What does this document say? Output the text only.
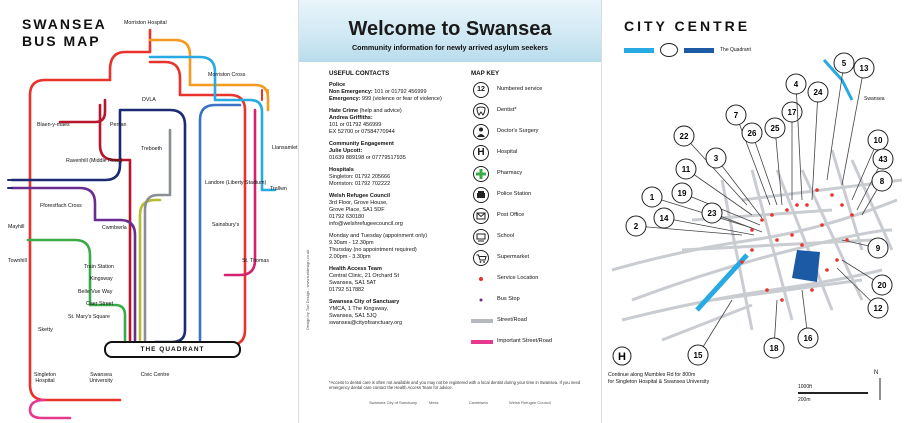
SWANSEA
BUS MAP
Morriston Hospital
Morriston Cross
DVLA
Penlan
Blaen-y-maes
Treboeth	Llansamlet
Ravenhill (Middle Road)
Landore (Liberty Stadium)
Trallwn
Fforestfach Cross
Sainsbury's
Mayhill	Cwmbwrla
Townhill	St. Thomas
Train Station
Kingsway
Belle Vue Way
Caer Street
St. Mary's Square
Sketty
THE QUADRANT
Singleton Hospital
Swansea University
Civic Centre
Welcome to Swansea
Community information for newly arrived asylum seekers
USEFUL CONTACTS	MAP KEY
Police
Non Emergency: 101 or 01792 456999
Emergency: 999 (violence or fear of violence)
Hate Crime (help and advice)
Andrea Griffiths:
101 or 01792 456999
EX 52700 or 07584770944
Community Engagement
Julie Upcott:
01639 889198 or 07779517935
Hospitals
Singleton: 01792 205666
Morriston: 01792 702222
Welsh Refugee Council
3rd Floor, Grove House,
Grove Place, SA1 5DF
01792 630180
info@welshrefugeecouncil.org
Monday and Tuesday (appoinment only)
9.30am - 12.30pm
Thursday (no appointment required)
2.00pm - 3.30pm
Health Access Team
Central Clinic, 21 Orchard St
Swansea, SA1 5AT
01792 517882
Swansea City of Sanctuary
YMCA, 1 The Kingsway,
Swansea, SA1 5JQ
swansea@cityofsanctuary.org
12	Numbered service
Dentist*
Doctor's Surgery
H	Hospital
Pharmacy
Police Station
Post Office
School
Supermarket
Service Location
Bus Stop
Street/Road
Important Street/Road
Design by Turi Design - www.turidesign.co.uk
*Access to dental care is often not available and you may not be registered with a local dentist during your time in Swansea. If you need emergency dental care contact the Health Access Team for advice.
Swansea City of Sanctuary	Mess	Cwmbwrla	Welsh Refugee Council
CITY CENTRE
The Quadrant
2
1
14
19
23
22
11
3
7
26
25
17
4
24
5
13
10
43
8
9
20
12
16
18
15
H
N
Swansea
Continue along Mumbles Rd for 800m
for Singleton Hospital & Swansea University
1000ft
200m
